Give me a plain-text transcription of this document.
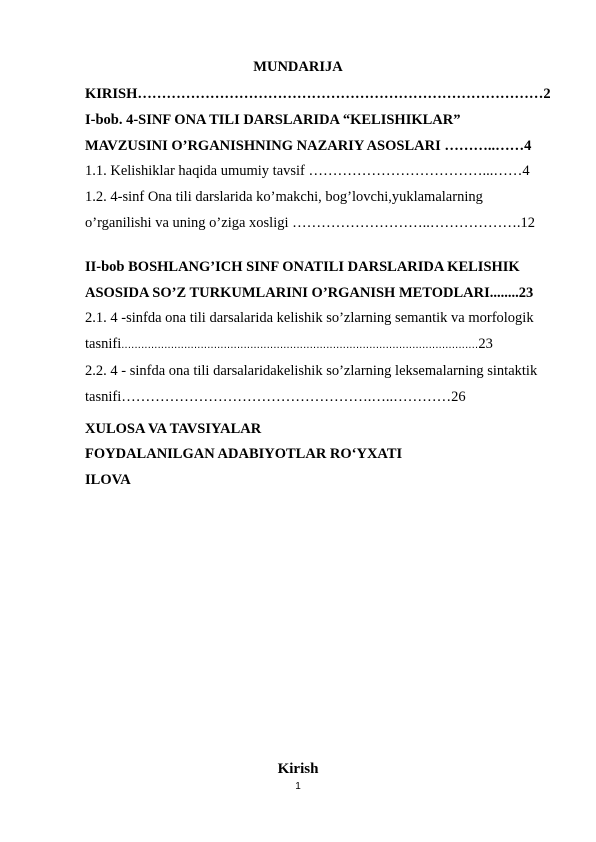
MUNDARIJA
KIRISH…………………………………………………………………………2
I-bob. 4-SINF ONA TILI DARSLARIDA “KELISHIKLAR”
MAVZUSINI O’RGANISHNING NAZARIY ASOSLARI ………..……4
1.1. Kelishiklar haqida umumiy tavsif ………………………………...……4
1.2. 4-sinf Ona tili darslarida ko’makchi, bog’lovchi,yuklamalarning
o’rganilishi va uning o’ziga xosligi ………………………..……………….12
II-bob BOSHLANG’ICH SINF ONATILI DARSLARIDA KELISHIK
ASOSIDA SO’Z TURKUMLARINI O’RGANISH METODLARI........23
2.1. 4 -sinfda ona tili darsalarida kelishik so’zlarning semantik va morfologik
tasnifi............................................................................................................23
2.2. 4 - sinfda ona tili darsalaridakelishik so’zlarning leksemalarning sintaktik
tasnifi…………………………………………….…..…………26
XULOSA VA TAVSIYALAR
FOYDALANILGAN ADABIYOTLAR RO‘YXATI
ILOVA
Kirish
1
